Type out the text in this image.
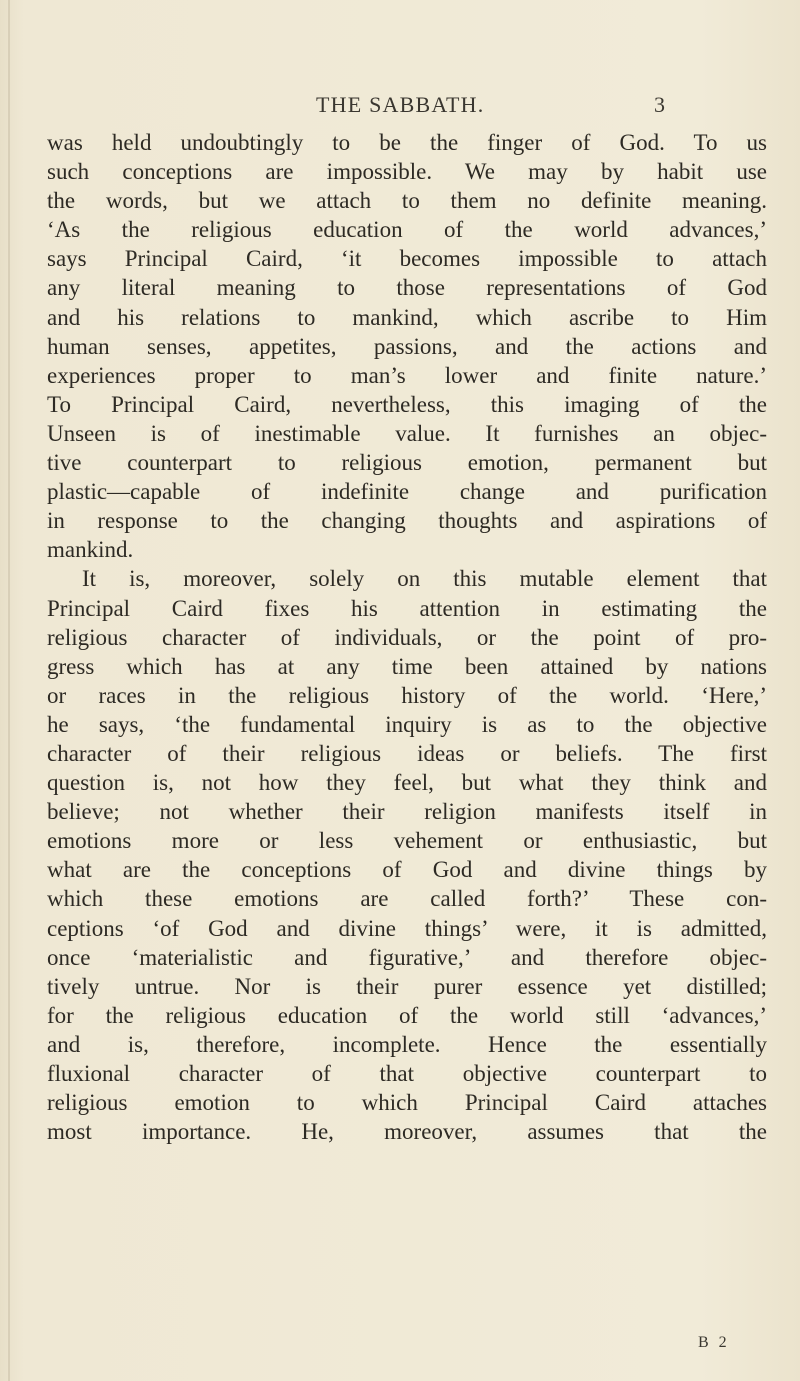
THE SABBATH.	3
was held undoubtingly to be the finger of God. To us
such conceptions are impossible. We may by habit use
the words, but we attach to them no definite meaning.
‘As the religious education of the world advances,’
says Principal Caird, ‘it becomes impossible to attach
any literal meaning to those representations of God
and his relations to mankind, which ascribe to Him
human senses, appetites, passions, and the actions and
experiences proper to man’s lower and finite nature.’
To Principal Caird, nevertheless, this imaging of the
Unseen is of inestimable value. It furnishes an objec-
tive counterpart to religious emotion, permanent but
plastic—capable of indefinite change and purification
in response to the changing thoughts and aspirations of
mankind.
It is, moreover, solely on this mutable element that
Principal Caird fixes his attention in estimating the
religious character of individuals, or the point of pro-
gress which has at any time been attained by nations
or races in the religious history of the world. ‘Here,’
he says, ‘the fundamental inquiry is as to the objective
character of their religious ideas or beliefs. The first
question is, not how they feel, but what they think and
believe; not whether their religion manifests itself in
emotions more or less vehement or enthusiastic, but
what are the conceptions of God and divine things by
which these emotions are called forth?’ These con-
ceptions ‘of God and divine things’ were, it is admitted,
once ‘materialistic and figurative,’ and therefore objec-
tively untrue. Nor is their purer essence yet distilled;
for the religious education of the world still ‘advances,’
and is, therefore, incomplete. Hence the essentially
fluxional character of that objective counterpart to
religious emotion to which Principal Caird attaches
most importance. He, moreover, assumes that the
B 2
